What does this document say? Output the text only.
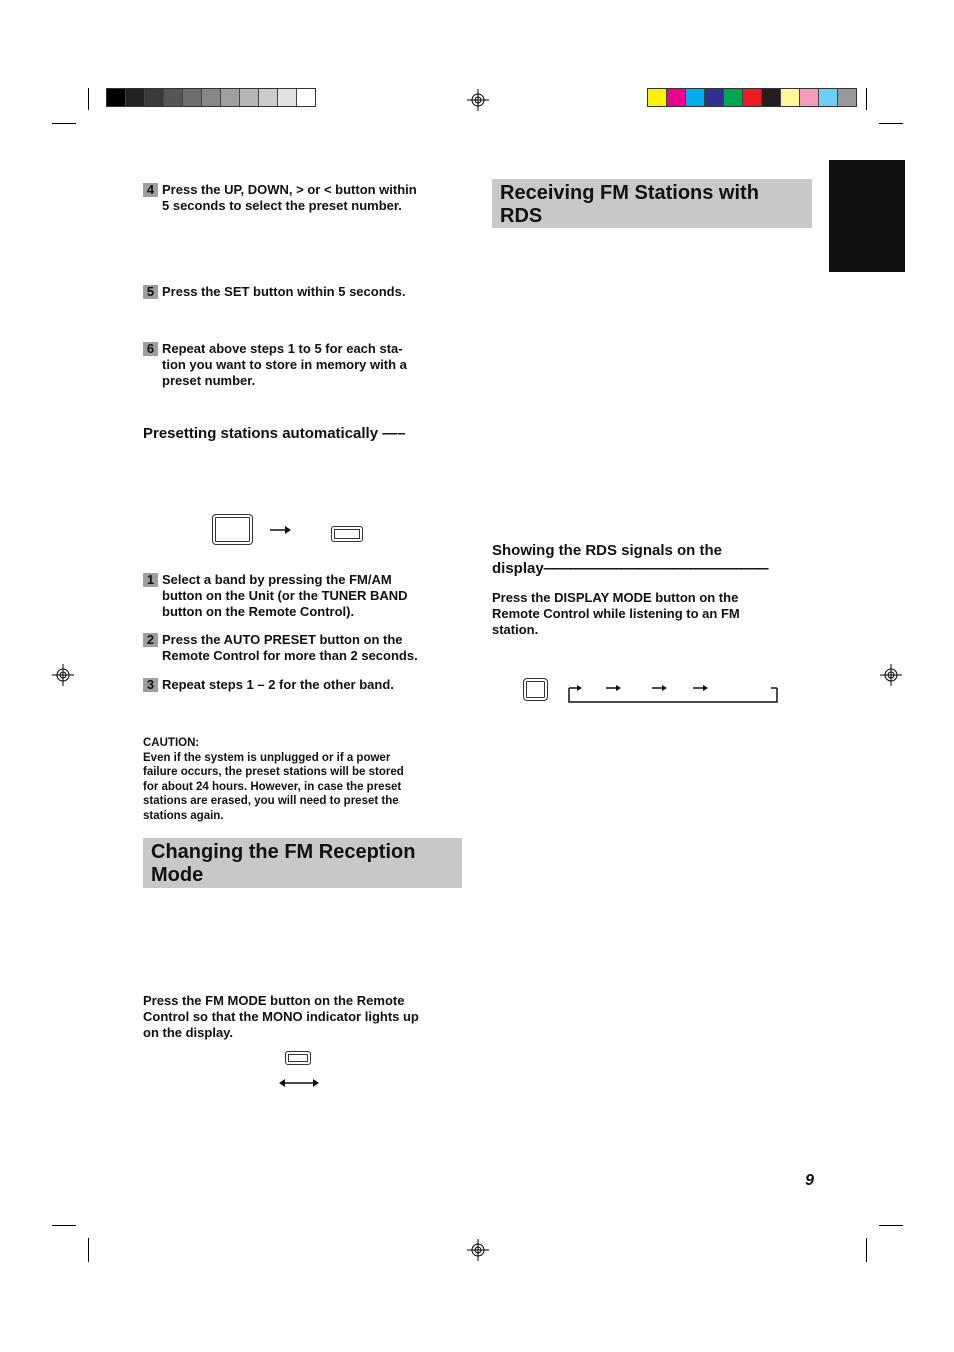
4 Press the UP, DOWN, > or < button within
5 seconds to select the preset number.
5 Press the SET button within 5 seconds.
6 Repeat above steps 1 to 5 for each sta-
tion you want to store in memory with a
preset number.
Presetting stations automatically —–
1 Select a band by pressing the FM/AM
button on the Unit (or the TUNER BAND
button on the Remote Control).
2 Press the AUTO PRESET button on the
Remote Control for more than 2 seconds.
3 Repeat steps 1 – 2 for the other band.
CAUTION:
Even if the system is unplugged or if a power
failure occurs, the preset stations will be stored
for about 24 hours. However, in case the preset
stations are erased, you will need to preset the
stations again.
Changing the FM Reception
Mode
Press the FM MODE button on the Remote
Control so that the MONO indicator lights up
on the display.
Receiving FM Stations with
RDS
Showing the RDS signals on the
display———————————————
Press the DISPLAY MODE button on the
Remote Control while listening to an FM
station.
9
